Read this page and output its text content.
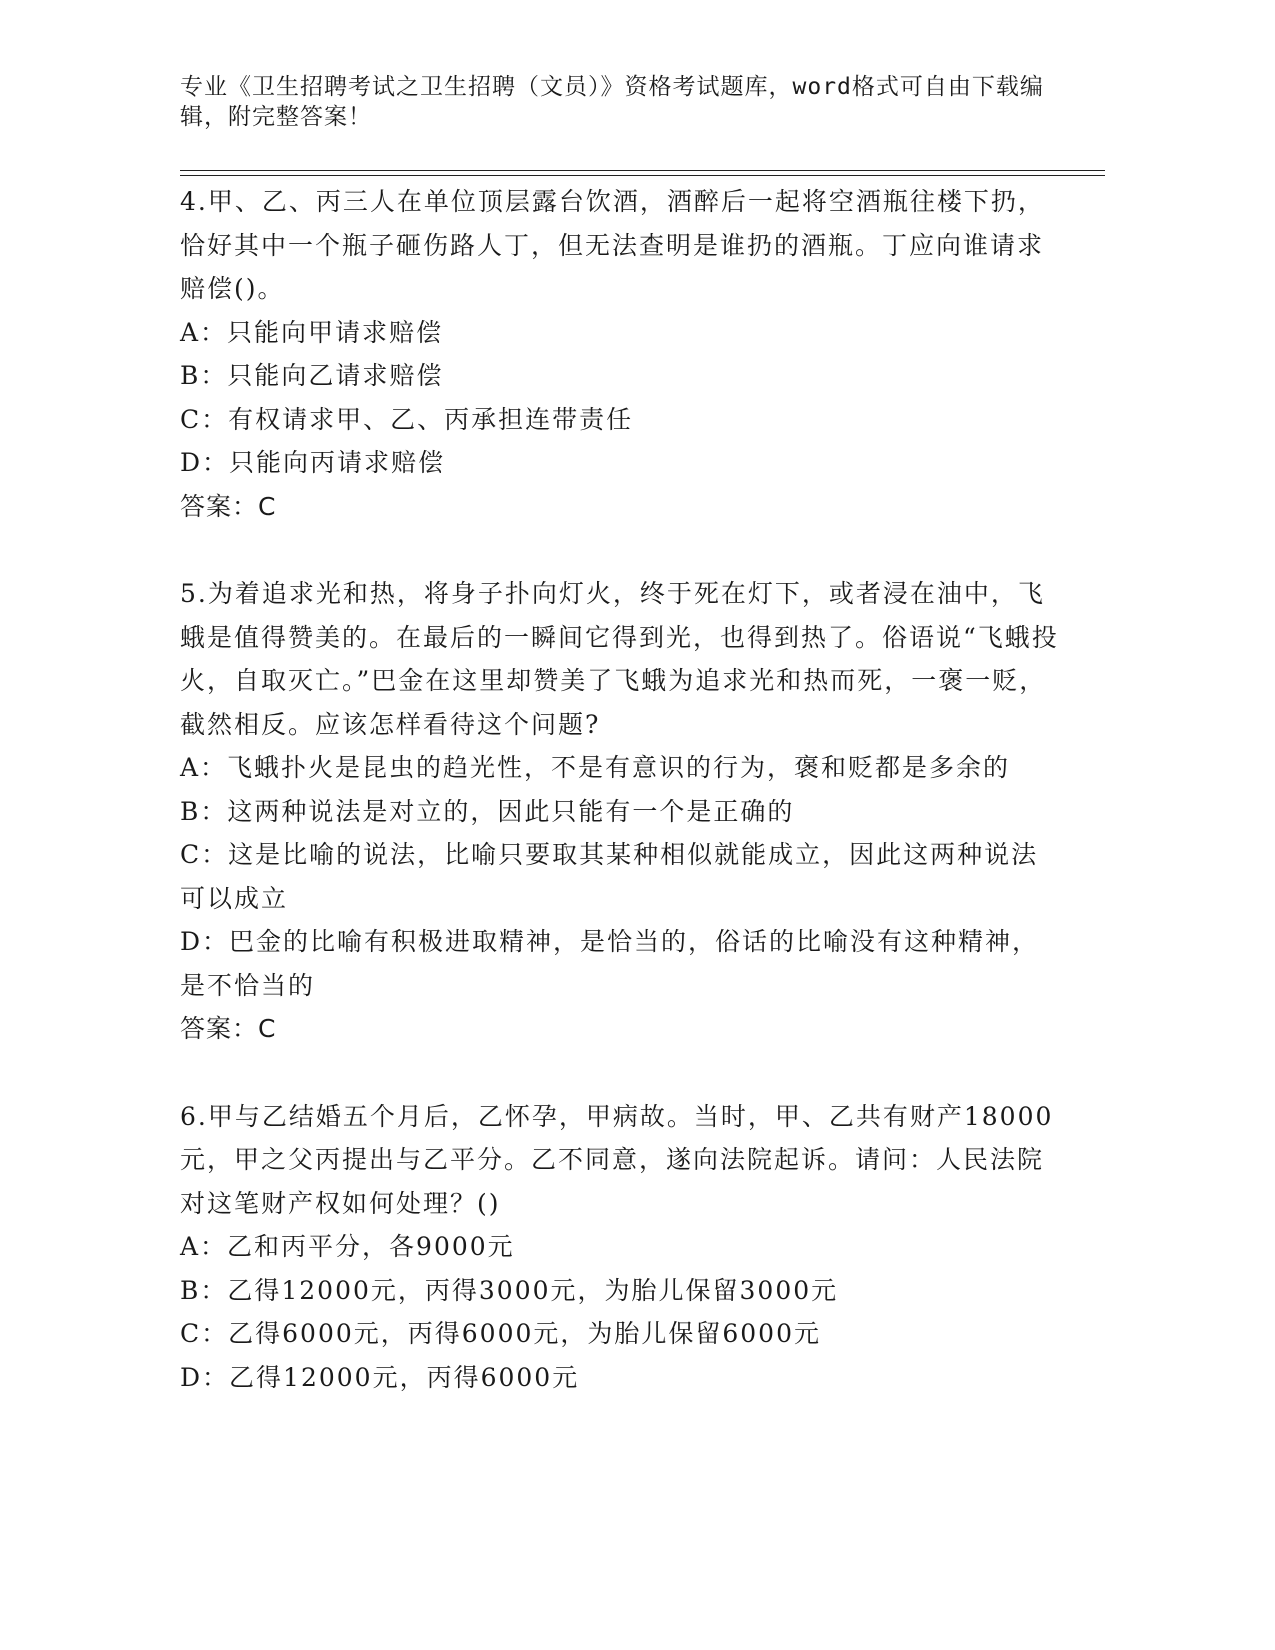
专业《卫生招聘考试之卫生招聘（文员）》资格考试题库，word格式可自由下载编辑，附完整答案！

4.甲、乙、丙三人在单位顶层露台饮酒，酒醉后一起将空酒瓶往楼下扔，恰好其中一个瓶子砸伤路人丁，但无法查明是谁扔的酒瓶。丁应向谁请求赔偿()。

A：只能向甲请求赔偿

B：只能向乙请求赔偿

C：有权请求甲、乙、丙承担连带责任

D：只能向丙请求赔偿

答案：C

5.为着追求光和热，将身子扑向灯火，终于死在灯下，或者浸在油中，飞蛾是值得赞美的。在最后的一瞬间它得到光，也得到热了。俗语说“飞蛾投火，自取灭亡。”巴金在这里却赞美了飞蛾为追求光和热而死，一褒一贬，截然相反。应该怎样看待这个问题?

A：飞蛾扑火是昆虫的趋光性，不是有意识的行为，褒和贬都是多余的

B：这两种说法是对立的，因此只能有一个是正确的

C：这是比喻的说法，比喻只要取其某种相似就能成立，因此这两种说法可以成立

D：巴金的比喻有积极进取精神，是恰当的，俗话的比喻没有这种精神，是不恰当的

答案：C

6.甲与乙结婚五个月后，乙怀孕，甲病故。当时，甲、乙共有财产18000元，甲之父丙提出与乙平分。乙不同意，遂向法院起诉。请问：人民法院对这笔财产权如何处理？()

A：乙和丙平分，各9000元

B：乙得12000元，丙得3000元，为胎儿保留3000元

C：乙得6000元，丙得6000元，为胎儿保留6000元

D：乙得12000元，丙得6000元
